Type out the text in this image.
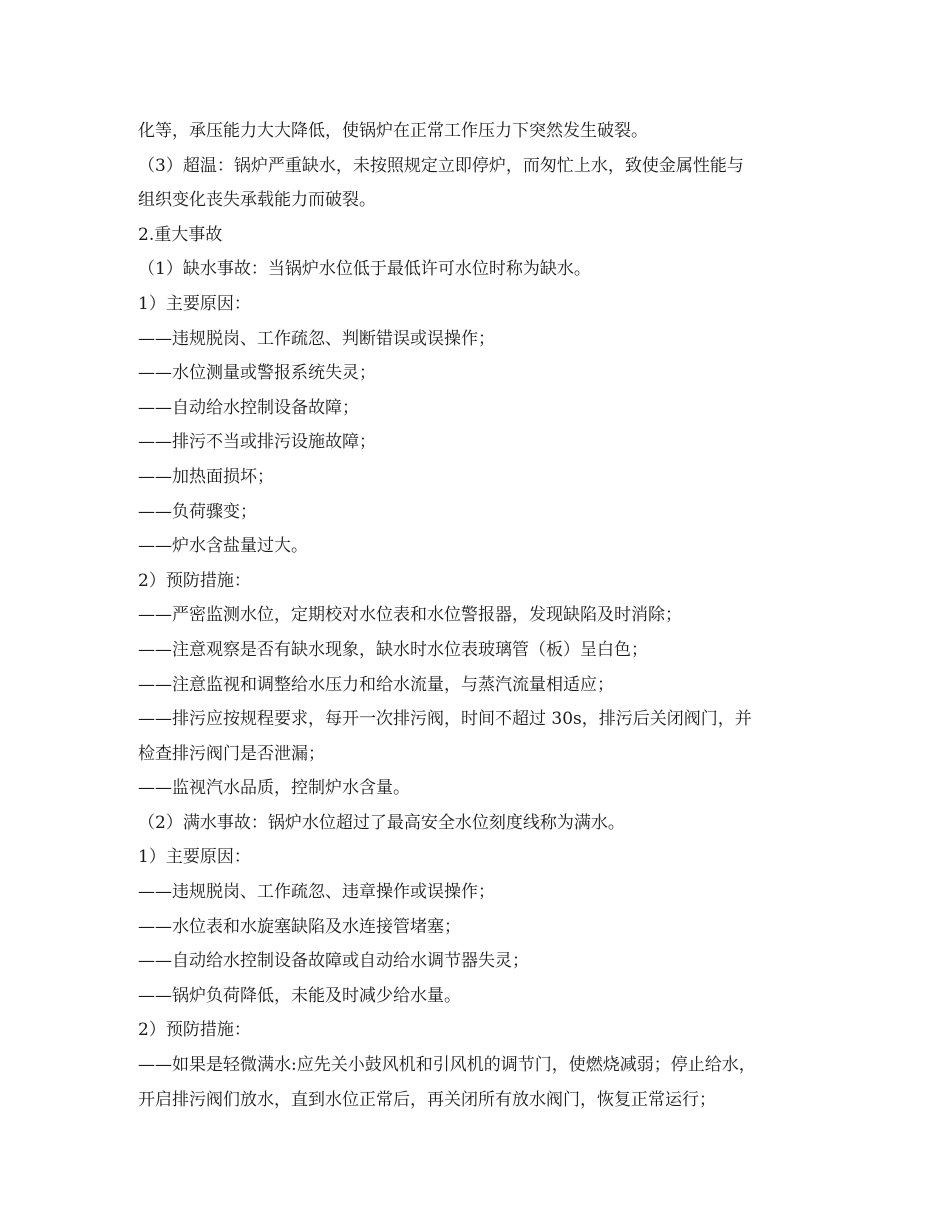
化等，承压能力大大降低，使锅炉在正常工作压力下突然发生破裂。
（3）超温：锅炉严重缺水，未按照规定立即停炉，而匆忙上水，致使金属性能与
组织变化丧失承载能力而破裂。
2.重大事故
（1）缺水事故：当锅炉水位低于最低许可水位时称为缺水。
1）主要原因：
——违规脱岗、工作疏忽、判断错误或误操作；
——水位测量或警报系统失灵；
——自动给水控制设备故障；
——排污不当或排污设施故障；
——加热面损坏；
——负荷骤变；
——炉水含盐量过大。
2）预防措施：
——严密监测水位，定期校对水位表和水位警报器，发现缺陷及时消除；
——注意观察是否有缺水现象，缺水时水位表玻璃管（板）呈白色；
——注意监视和调整给水压力和给水流量，与蒸汽流量相适应；
——排污应按规程要求，每开一次排污阀，时间不超过 30s，排污后关闭阀门，并
检查排污阀门是否泄漏；
——监视汽水品质，控制炉水含量。
（2）满水事故：锅炉水位超过了最高安全水位刻度线称为满水。
1）主要原因：
——违规脱岗、工作疏忽、违章操作或误操作；
——水位表和水旋塞缺陷及水连接管堵塞；
——自动给水控制设备故障或自动给水调节器失灵；
——锅炉负荷降低，未能及时减少给水量。
2）预防措施：
——如果是轻微满水:应先关小鼓风机和引风机的调节门，使燃烧减弱；停止给水，
开启排污阀们放水，直到水位正常后，再关闭所有放水阀门，恢复正常运行；
